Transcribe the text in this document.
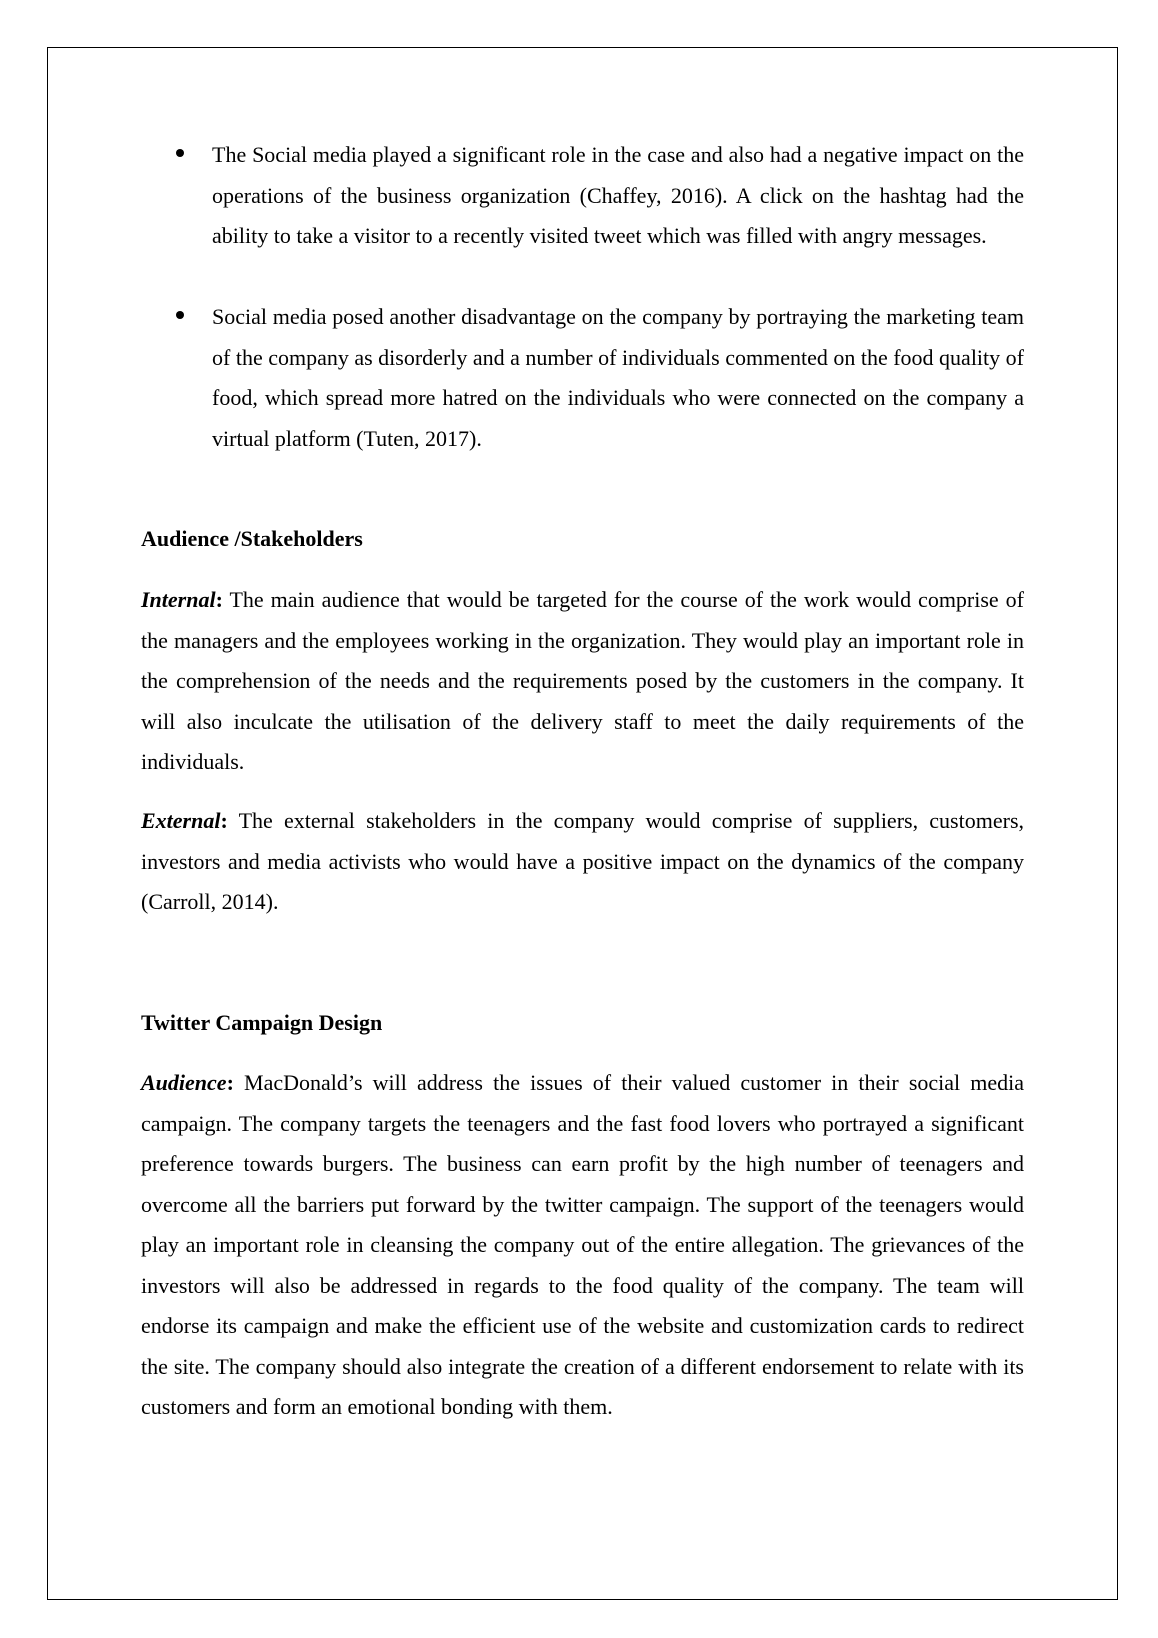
The Social media played a significant role in the case and also had a negative impact on the operations of the business organization (Chaffey, 2016). A click on the hashtag had the ability to take a visitor to a recently visited tweet which was filled with angry messages.

Social media posed another disadvantage on the company by portraying the marketing team of the company as disorderly and a number of individuals commented on the food quality of food, which spread more hatred on the individuals who were connected on the company a virtual platform (Tuten, 2017).

Audience /Stakeholders

Internal: The main audience that would be targeted for the course of the work would comprise of the managers and the employees working in the organization. They would play an important role in the comprehension of the needs and the requirements posed by the customers in the company. It will also inculcate the utilisation of the delivery staff to meet the daily requirements of the individuals.

External: The external stakeholders in the company would comprise of suppliers, customers, investors and media activists who would have a positive impact on the dynamics of the company (Carroll, 2014).

Twitter Campaign Design

Audience: MacDonald’s will address the issues of their valued customer in their social media campaign. The company targets the teenagers and the fast food lovers who portrayed a significant preference towards burgers. The business can earn profit by the high number of teenagers and overcome all the barriers put forward by the twitter campaign. The support of the teenagers would play an important role in cleansing the company out of the entire allegation. The grievances of the investors will also be addressed in regards to the food quality of the company. The team will endorse its campaign and make the efficient use of the website and customization cards to redirect the site. The company should also integrate the creation of a different endorsement to relate with its customers and form an emotional bonding with them.
